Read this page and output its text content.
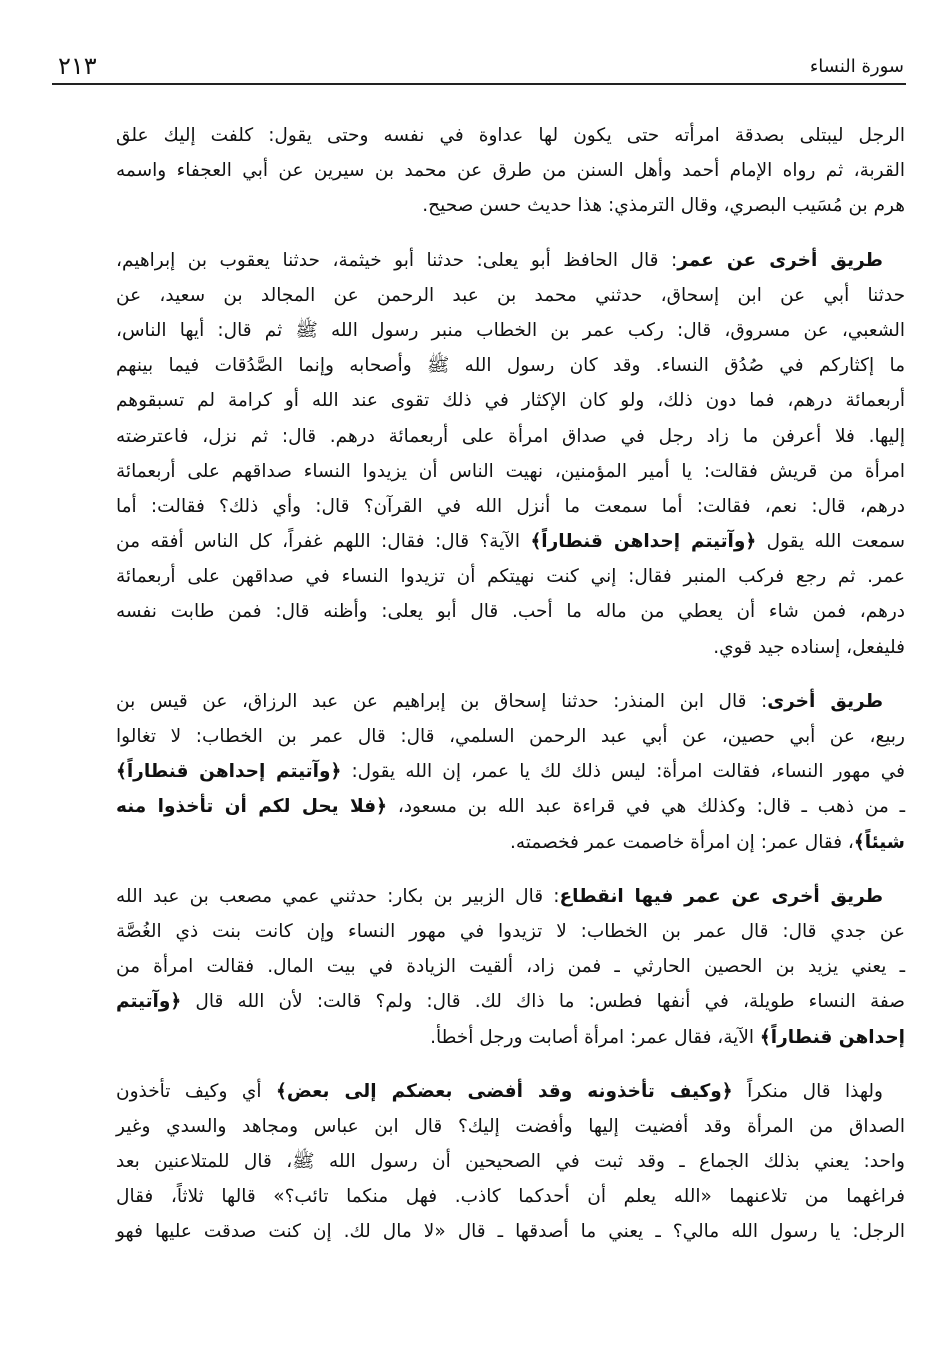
سورة النساء
٢١٣
الرجل ليبتلى بصدقة امرأته حتى يكون لها عداوة في نفسه وحتى يقول: كلفت إليك علق
القربة، ثم رواه الإمام أحمد وأهل السنن من طرق عن محمد بن سيرين عن أبي العجفاء واسمه
هرم بن مُسَيب البصري، وقال الترمذي: هذا حديث حسن صحيح.
طريق أخرى عن عمر: قال الحافظ أبو يعلى: حدثنا أبو خيثمة، حدثنا يعقوب بن إبراهيم،
حدثنا أبي عن ابن إسحاق، حدثني محمد بن عبد الرحمن عن المجالد بن سعيد، عن
الشعبي، عن مسروق، قال: ركب عمر بن الخطاب منبر رسول الله ﷺ ثم قال: أيها الناس،
ما إكثاركم في صُدُق النساء. وقد كان رسول الله ﷺ وأصحابه وإنما الصَّدُقات فيما بينهم
أربعمائة درهم، فما دون ذلك، ولو كان الإكثار في ذلك تقوى عند الله أو كرامة لم تسبقوهم
إليها. فلا أعرفن ما زاد رجل في صداق امرأة على أربعمائة درهم. قال: ثم نزل، فاعترضته
امرأة من قريش فقالت: يا أمير المؤمنين، نهيت الناس أن يزيدوا النساء صداقهم على أربعمائة
درهم، قال: نعم، فقالت: أما سمعت ما أنزل الله في القرآن؟ قال: وأي ذلك؟ فقالت: أما
سمعت الله يقول ﴿وآتيتم إحداهن قنطاراً﴾ الآية؟ قال: فقال: اللهم غفراً، كل الناس أفقه من
عمر. ثم رجع فركب المنبر فقال: إني كنت نهيتكم أن تزيدوا النساء في صداقهن على أربعمائة
درهم، فمن شاء أن يعطي من ماله ما أحب. قال أبو يعلى: وأظنه قال: فمن طابت نفسه
فليفعل، إسناده جيد قوي.
طريق أخرى: قال ابن المنذر: حدثنا إسحاق بن إبراهيم عن عبد الرزاق، عن قيس بن
ربيع، عن أبي حصين، عن أبي عبد الرحمن السلمي، قال: قال عمر بن الخطاب: لا تغالوا
في مهور النساء، فقالت امرأة: ليس ذلك لك يا عمر، إن الله يقول: ﴿وآتيتم إحداهن قنطاراً﴾
ـ من ذهب ـ قال: وكذلك هي في قراءة عبد الله بن مسعود، ﴿فلا يحل لكم أن تأخذوا منه
شيئاً﴾، فقال عمر: إن امرأة خاصمت عمر فخصمته.
طريق أخرى عن عمر فيها انقطاع: قال الزبير بن بكار: حدثني عمي مصعب بن عبد الله
عن جدي قال: قال عمر بن الخطاب: لا تزيدوا في مهور النساء وإن كانت بنت ذي الغُصَّة
ـ يعني يزيد بن الحصين الحارثي ـ فمن زاد، ألقيت الزيادة في بيت المال. فقالت امرأة من
صفة النساء طويلة، في أنفها فطس: ما ذاك لك. قال: ولم؟ قالت: لأن الله قال ﴿وآتيتم
إحداهن قنطاراً﴾ الآية، فقال عمر: امرأة أصابت ورجل أخطأ.
ولهذا قال منكراً ﴿وكيف تأخذونه وقد أفضى بعضكم إلى بعض﴾ أي وكيف تأخذون
الصداق من المرأة وقد أفضيت إليها وأفضت إليك؟ قال ابن عباس ومجاهد والسدي وغير
واحد: يعني بذلك الجماع ـ وقد ثبت في الصحيحين أن رسول الله ﷺ، قال للمتلاعنين بعد
فراغهما من تلاعنهما «الله يعلم أن أحدكما كاذب. فهل منكما تائب؟» قالها ثلاثاً، فقال
الرجل: يا رسول الله مالي؟ ـ يعني ما أصدقها ـ قال «لا مال لك. إن كنت صدقت عليها فهو
